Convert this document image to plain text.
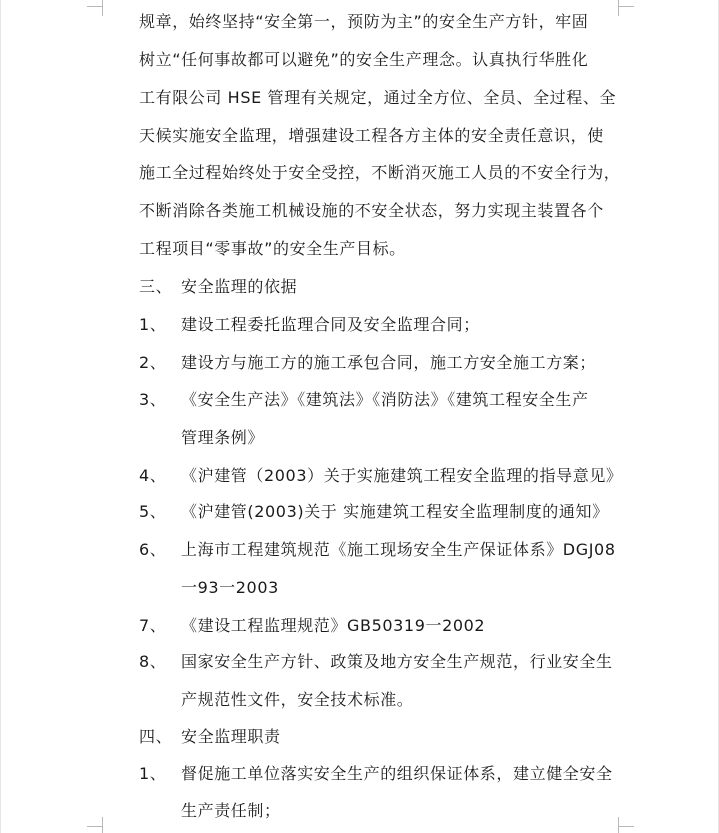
规章，始终坚持“安全第一，预防为主”的安全生产方针，牢固
树立“任何事故都可以避免”的安全生产理念。认真执行华胜化
工有限公司 HSE 管理有关规定，通过全方位、全员、全过程、全
天候实施安全监理，增强建设工程各方主体的安全责任意识，使
施工全过程始终处于安全受控，不断消灭施工人员的不安全行为，
不断消除各类施工机械设施的不安全状态，努力实现主装置各个
工程项目“零事故”的安全生产目标。
三、 安全监理的依据
1、 建设工程委托监理合同及安全监理合同；
2、 建设方与施工方的施工承包合同，施工方安全施工方案；
3、 《安全生产法》《建筑法》《消防法》《建筑工程安全生产
管理条例》
4、 《沪建管（2003）关于实施建筑工程安全监理的指导意见》
5、 《沪建管(2003)关于 实施建筑工程安全监理制度的通知》
6、 上海市工程建筑规范《施工现场安全生产保证体系》DGJ08
一93一2003
7、 《建设工程监理规范》GB50319一2002
8、 国家安全生产方针、政策及地方安全生产规范，行业安全生
产规范性文件，安全技术标准。
四、 安全监理职责
1、 督促施工单位落实安全生产的组织保证体系，建立健全安全
生产责任制；
